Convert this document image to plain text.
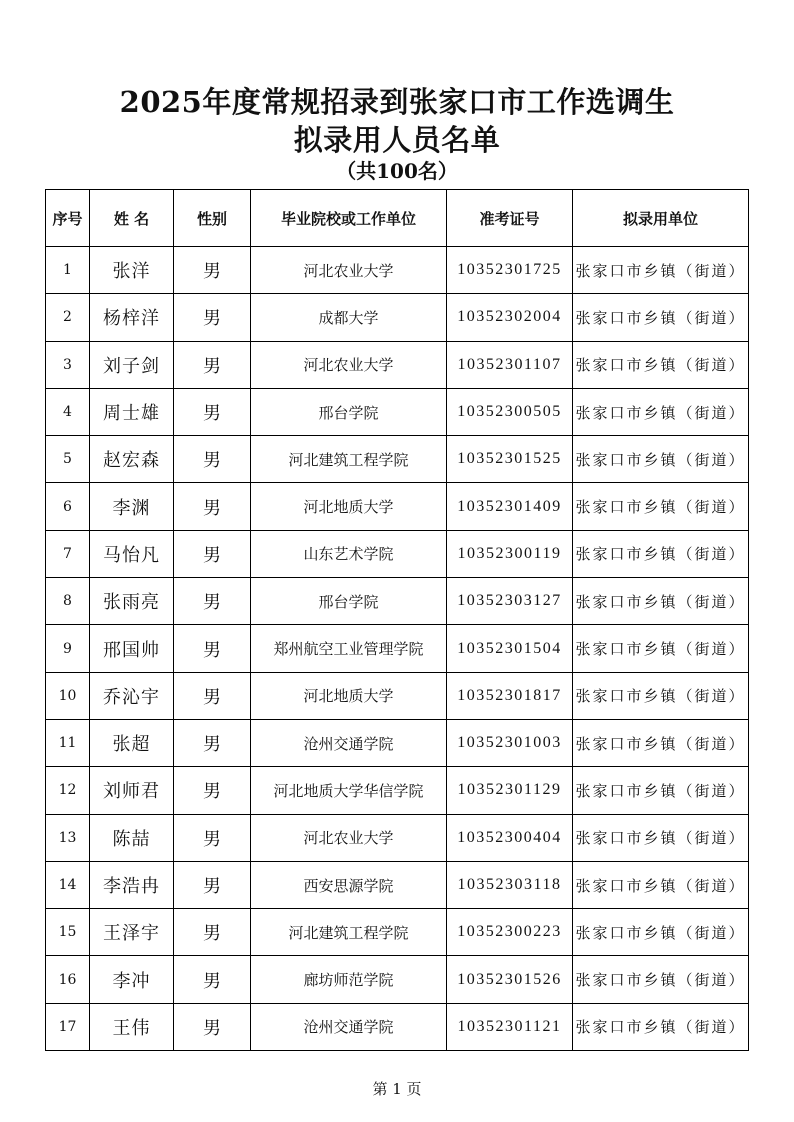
2025年度常规招录到张家口市工作选调生
拟录用人员名单
（共100名）
序号	姓 名	性别	毕业院校或工作单位	准考证号	拟录用单位
1	张洋	男	河北农业大学	10352301725	张家口市乡镇（街道）
2	杨梓洋	男	成都大学	10352302004	张家口市乡镇（街道）
3	刘子剑	男	河北农业大学	10352301107	张家口市乡镇（街道）
4	周士雄	男	邢台学院	10352300505	张家口市乡镇（街道）
5	赵宏森	男	河北建筑工程学院	10352301525	张家口市乡镇（街道）
6	李渊	男	河北地质大学	10352301409	张家口市乡镇（街道）
7	马怡凡	男	山东艺术学院	10352300119	张家口市乡镇（街道）
8	张雨亮	男	邢台学院	10352303127	张家口市乡镇（街道）
9	邢国帅	男	郑州航空工业管理学院	10352301504	张家口市乡镇（街道）
10	乔沁宇	男	河北地质大学	10352301817	张家口市乡镇（街道）
11	张超	男	沧州交通学院	10352301003	张家口市乡镇（街道）
12	刘师君	男	河北地质大学华信学院	10352301129	张家口市乡镇（街道）
13	陈喆	男	河北农业大学	10352300404	张家口市乡镇（街道）
14	李浩冉	男	西安思源学院	10352303118	张家口市乡镇（街道）
15	王泽宇	男	河北建筑工程学院	10352300223	张家口市乡镇（街道）
16	李冲	男	廊坊师范学院	10352301526	张家口市乡镇（街道）
17	王伟	男	沧州交通学院	10352301121	张家口市乡镇（街道）
第 1 页
